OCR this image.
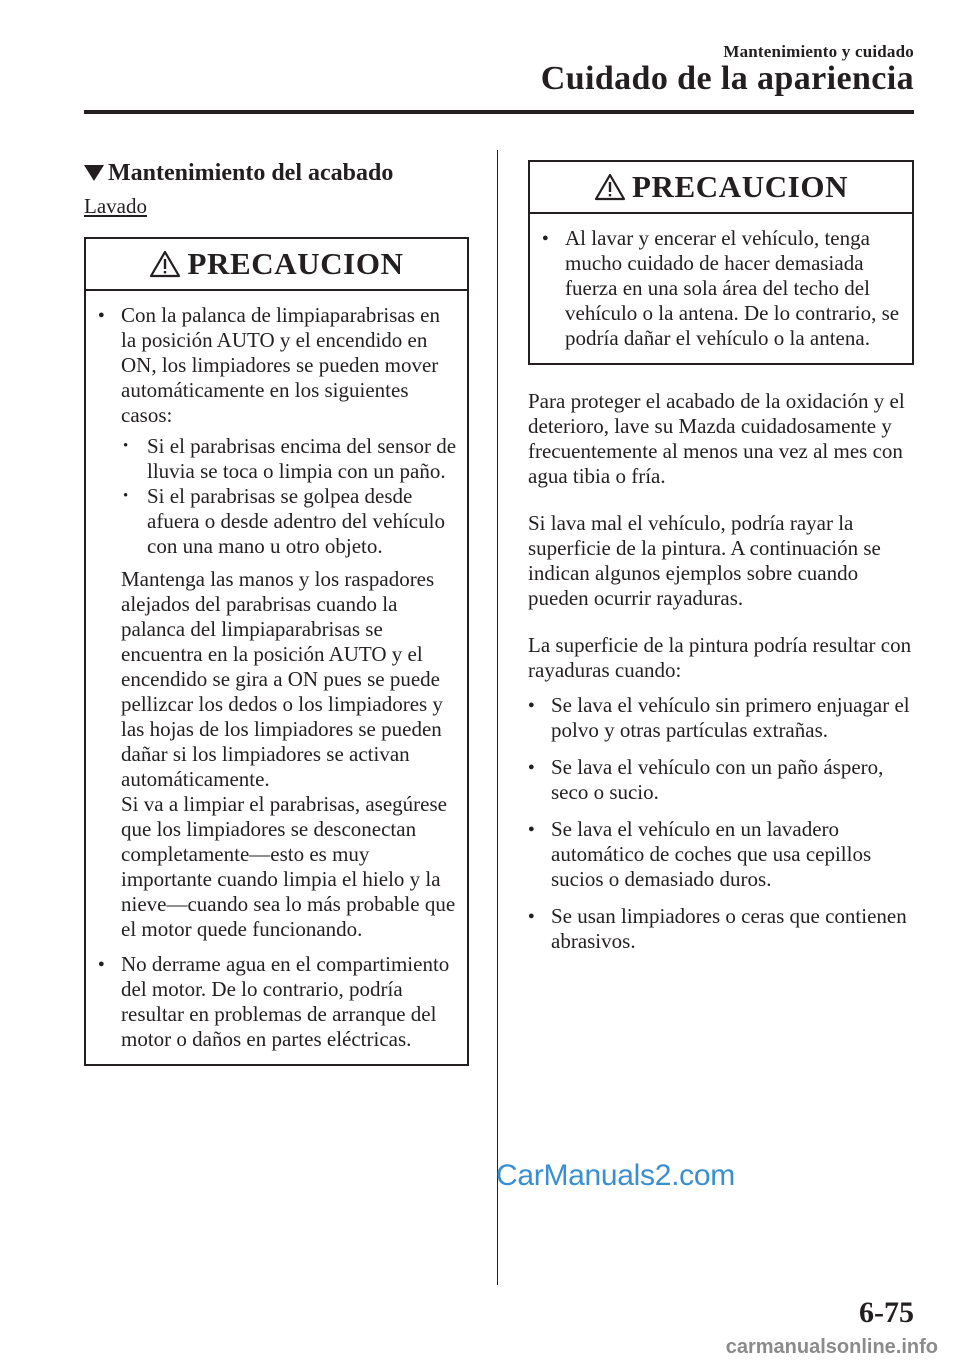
Mantenimiento y cuidado
Cuidado de la apariencia
Mantenimiento del acabado

Lavado

PRECAUCION
● Con la palanca de limpiaparabrisas en la posición AUTO y el encendido en ON, los limpiadores se pueden mover automáticamente en los siguientes casos:
• Si el parabrisas encima del sensor de lluvia se toca o limpia con un paño.
• Si el parabrisas se golpea desde afuera o desde adentro del vehículo con una mano u otro objeto.

Mantenga las manos y los raspadores alejados del parabrisas cuando la palanca del limpiaparabrisas se encuentra en la posición AUTO y el encendido se gira a ON pues se puede pellizcar los dedos o los limpiadores y las hojas de los limpiadores se pueden dañar si los limpiadores se activan automáticamente.

Si va a limpiar el parabrisas, asegúrese que los limpiadores se desconectan completamente―esto es muy importante cuando limpia el hielo y la nieve―cuando sea lo más probable que el motor quede funcionando.

● No derrame agua en el compartimiento del motor. De lo contrario, podría resultar en problemas de arranque del motor o daños en partes eléctricas.
PRECAUCION
● Al lavar y encerar el vehículo, tenga mucho cuidado de hacer demasiada fuerza en una sola área del techo del vehículo o la antena. De lo contrario, se podría dañar el vehículo o la antena.

Para proteger el acabado de la oxidación y el deterioro, lave su Mazda cuidadosamente y frecuentemente al menos una vez al mes con agua tibia o fría.

Si lava mal el vehículo, podría rayar la superficie de la pintura. A continuación se indican algunos ejemplos sobre cuando pueden ocurrir rayaduras.

La superficie de la pintura podría resultar con rayaduras cuando:

● Se lava el vehículo sin primero enjuagar el polvo y otras partículas extrañas.
● Se lava el vehículo con un paño áspero, seco o sucio.
● Se lava el vehículo en un lavadero automático de coches que usa cepillos sucios o demasiado duros.
● Se usan limpiadores o ceras que contienen abrasivos.
CarManuals2.com
6-75
carmanualsonline.info
